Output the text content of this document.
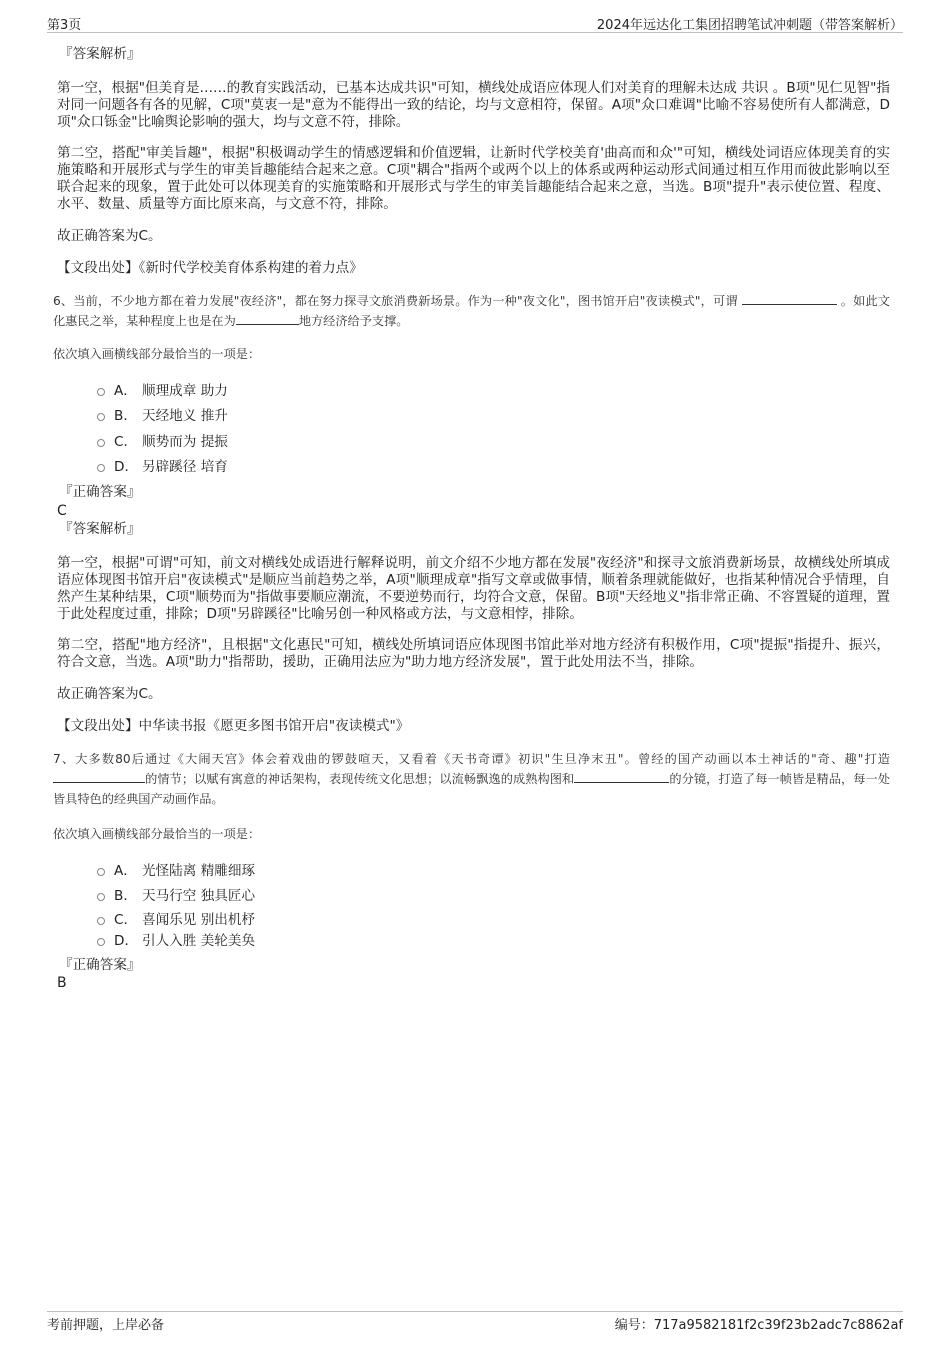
第3页	2024年远达化工集团招聘笔试冲刺题（带答案解析）

『答案解析』

第一空，根据"但美育是……的教育实践活动，已基本达成共识"可知，横线处成语应体现人们对美育的理解未达成 共识 。B项"见仁见智"指对同一问题各有各的见解，C项"莫衷一是"意为不能得出一致的结论，均与文意相符，保留。A项"众口难调"比喻不容易使所有人都满意，D项"众口铄金"比喻舆论影响的强大，均与文意不符，排除。

第二空，搭配"审美旨趣"，根据"积极调动学生的情感逻辑和价值逻辑，让新时代学校美育'曲高而和众'"可知，横线处词语应体现美育的实施策略和开展形式与学生的审美旨趣能结合起来之意。C项"耦合"指两个或两个以上的体系或两种运动形式间通过相互作用而彼此影响以至联合起来的现象，置于此处可以体现美育的实施策略和开展形式与学生的审美旨趣能结合起来之意，当选。B项"提升"表示使位置、程度、水平、数量、质量等方面比原来高，与文意不符，排除。

故正确答案为C。

【文段出处】《新时代学校美育体系构建的着力点》

6、当前，不少地方都在着力发展"夜经济"，都在努力探寻文旅消费新场景。作为一种"夜文化"，图书馆开启"夜读模式"，可谓	。如此文化惠民之举，某种程度上也是在为	地方经济给予支撑。

依次填入画横线部分最恰当的一项是：

A． 顺理成章 助力
B． 天经地义 推升
C． 顺势而为 提振
D． 另辟蹊径 培育

『正确答案』

C

『答案解析』

第一空，根据"可谓"可知，前文对横线处成语进行解释说明，前文介绍不少地方都在发展"夜经济"和探寻文旅消费新场景，故横线处所填成语应体现图书馆开启"夜读模式"是顺应当前趋势之举，A项"顺理成章"指写文章或做事情，顺着条理就能做好，也指某种情况合乎情理，自然产生某种结果，C项"顺势而为"指做事要顺应潮流，不要逆势而行，均符合文意，保留。B项"天经地义"指非常正确、不容置疑的道理，置于此处程度过重，排除；D项"另辟蹊径"比喻另创一种风格或方法，与文意相悖，排除。

第二空，搭配"地方经济"，且根据"文化惠民"可知，横线处所填词语应体现图书馆此举对地方经济有积极作用，C项"提振"指提升、振兴，符合文意，当选。A项"助力"指帮助，援助，正确用法应为"助力地方经济发展"，置于此处用法不当，排除。

故正确答案为C。

【文段出处】中华读书报《愿更多图书馆开启"夜读模式"》

7、大多数80后通过《大闹天宫》体会着戏曲的锣鼓喧天，又看着《天书奇谭》初识"生旦净末丑"。曾经的国产动画以本土神话的"奇、趣"打造 的情节；以赋有寓意的神话架构，表现传统文化思想；以流畅飘逸的成熟构图和	的分镜，打造了每一帧皆是精品，每一处皆具特色的经典国产动画作品。

依次填入画横线部分最恰当的一项是：

A． 光怪陆离 精雕细琢
B． 天马行空 独具匠心
C． 喜闻乐见 别出机杼
D． 引人入胜 美轮美奂

『正确答案』

B

考前押题，上岸必备	编号：717a9582181f2c39f23b2adc7c8862af
